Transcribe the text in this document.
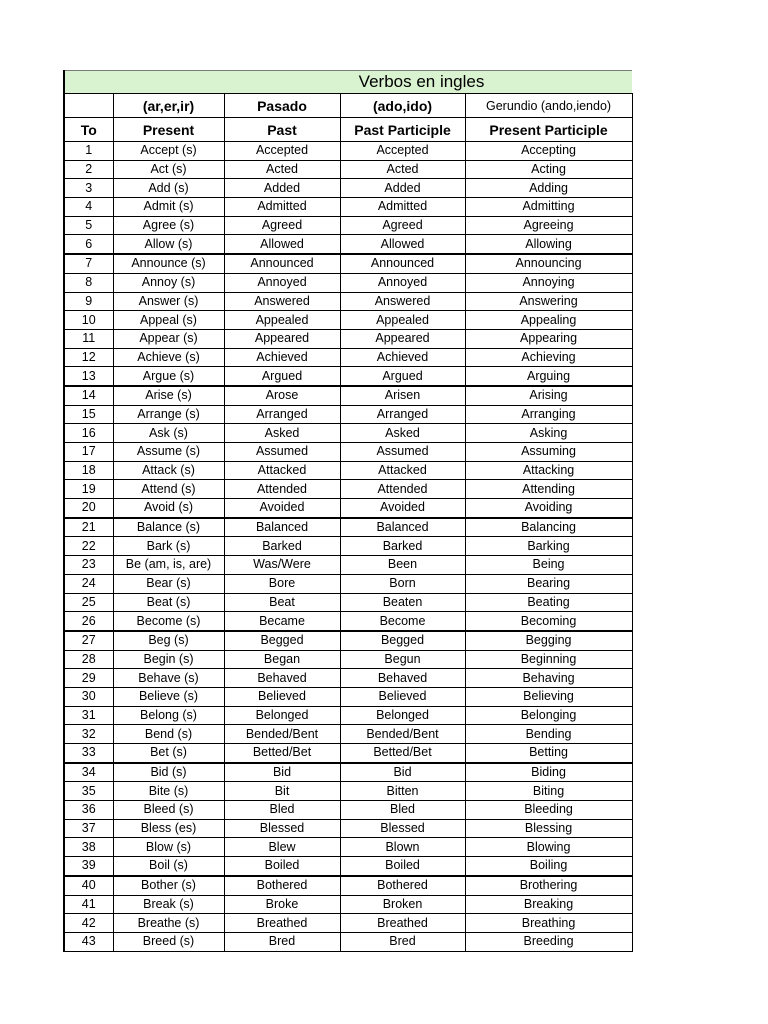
Verbos en ingles				
	(ar,er,ir)	Pasado	(ado,ido)	Gerundio (ando,iendo)
To	Present	Past	Past Participle	Present Participle
1	Accept (s)	Accepted	Accepted	Accepting
2	Act (s)	Acted	Acted	Acting
3	Add (s)	Added	Added	Adding
4	Admit (s)	Admitted	Admitted	Admitting
5	Agree (s)	Agreed	Agreed	Agreeing
6	Allow (s)	Allowed	Allowed	Allowing
7	Announce (s)	Announced	Announced	Announcing
8	Annoy (s)	Annoyed	Annoyed	Annoying
9	Answer (s)	Answered	Answered	Answering
10	Appeal (s)	Appealed	Appealed	Appealing
11	Appear (s)	Appeared	Appeared	Appearing
12	Achieve (s)	Achieved	Achieved	Achieving
13	Argue (s)	Argued	Argued	Arguing
14	Arise (s)	Arose	Arisen	Arising
15	Arrange (s)	Arranged	Arranged	Arranging
16	Ask (s)	Asked	Asked	Asking
17	Assume (s)	Assumed	Assumed	Assuming
18	Attack (s)	Attacked	Attacked	Attacking
19	Attend (s)	Attended	Attended	Attending
20	Avoid (s)	Avoided	Avoided	Avoiding
21	Balance (s)	Balanced	Balanced	Balancing
22	Bark (s)	Barked	Barked	Barking
23	Be (am, is, are)	Was/Were	Been	Being
24	Bear (s)	Bore	Born	Bearing
25	Beat (s)	Beat	Beaten	Beating
26	Become (s)	Became	Become	Becoming
27	Beg (s)	Begged	Begged	Begging
28	Begin (s)	Began	Begun	Beginning
29	Behave (s)	Behaved	Behaved	Behaving
30	Believe (s)	Believed	Believed	Believing
31	Belong (s)	Belonged	Belonged	Belonging
32	Bend (s)	Bended/Bent	Bended/Bent	Bending
33	Bet (s)	Betted/Bet	Betted/Bet	Betting
34	Bid (s)	Bid	Bid	Biding
35	Bite (s)	Bit	Bitten	Biting
36	Bleed (s)	Bled	Bled	Bleeding
37	Bless (es)	Blessed	Blessed	Blessing
38	Blow (s)	Blew	Blown	Blowing
39	Boil (s)	Boiled	Boiled	Boiling
40	Bother (s)	Bothered	Bothered	Brothering
41	Break (s)	Broke	Broken	Breaking
42	Breathe (s)	Breathed	Breathed	Breathing
43	Breed (s)	Bred	Bred	Breeding
